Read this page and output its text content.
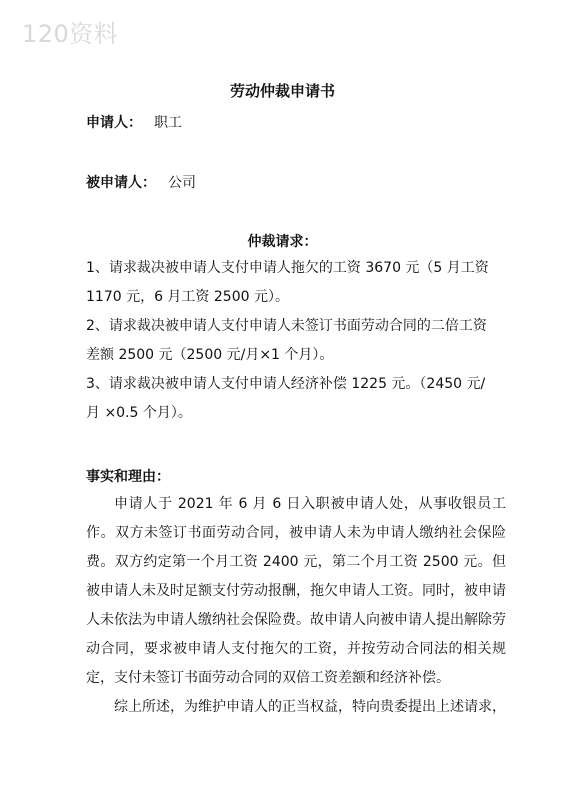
120资料
劳动仲裁申请书
申请人： 职工
被申请人： 公司
仲裁请求：

1、请求裁决被申请人支付申请人拖欠的工资 3670 元（5 月工资 1170 元，6 月工资 2500 元）。

2、请求裁决被申请人支付申请人未签订书面劳动合同的二倍工资差额 2500 元（2500 元/月×1 个月）。

3、请求裁决被申请人支付申请人经济补偿 1225 元。（2450 元/月 ×0.5 个月）。

事实和理由：

申请人于 2021 年 6 月 6 日入职被申请人处，从事收银员工作。双方未签订书面劳动合同，被申请人未为申请人缴纳社会保险费。双方约定第一个月工资 2400 元，第二个月工资 2500 元。但被申请人未及时足额支付劳动报酬，拖欠申请人工资。同时，被申请人未依法为申请人缴纳社会保险费。故申请人向被申请人提出解除劳动合同，要求被申请人支付拖欠的工资，并按劳动合同法的相关规定，支付未签订书面劳动合同的双倍工资差额和经济补偿。

综上所述，为维护申请人的正当权益，特向贵委提出上述请求，
